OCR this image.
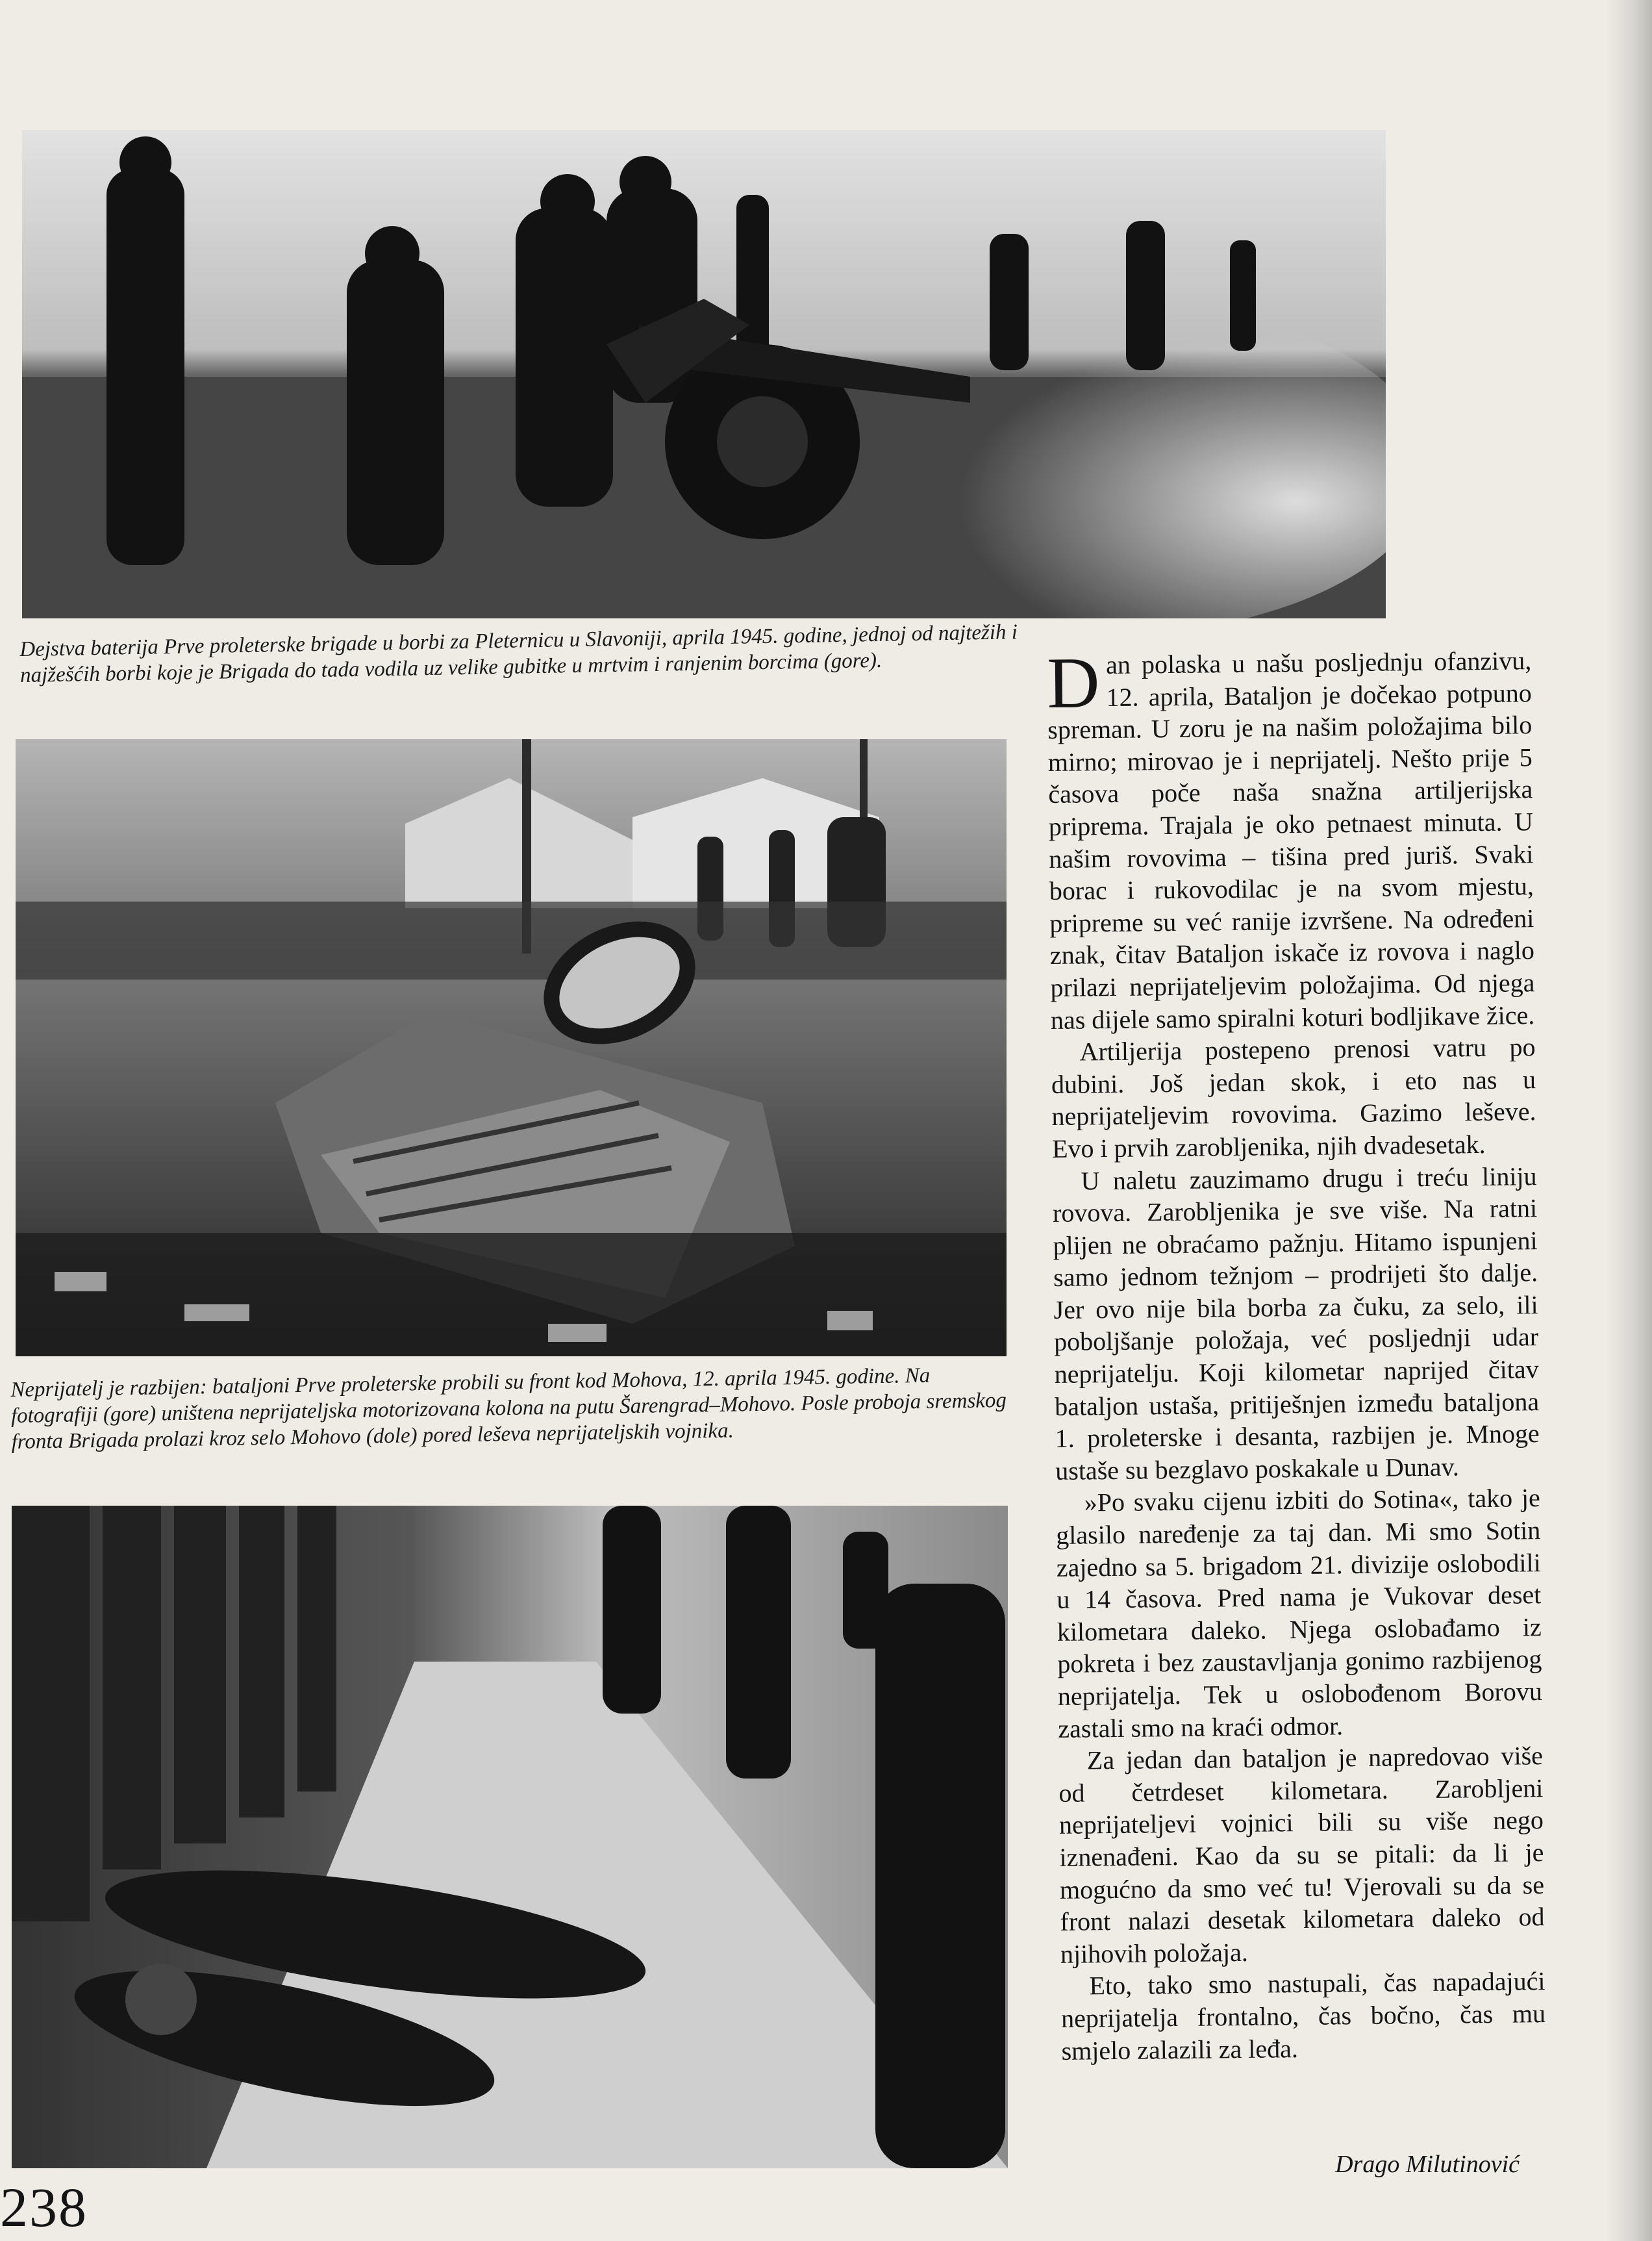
Dejstva baterija Prve proleterske brigade u borbi za Pleternicu u Slavoniji, aprila 1945. godine, jednoj od najtežih i najžešćih borbi koje je Brigada do tada vodila uz velike gubitke u mrtvim i ranjenim borcima (gore).

Neprijatelj je razbijen: bataljoni Prve proleterske probili su front kod Mohova, 12. aprila 1945. godine. Na fotografiji (gore) uništena neprijateljska motorizovana kolona na putu Šarengrad–Mohovo. Posle proboja sremskog fronta Brigada prolazi kroz selo Mohovo (dole) pored leševa neprijateljskih vojnika.

Dan polaska u našu posljednju ofanzivu, 12. aprila, Bataljon je dočekao potpuno spreman. U zoru je na našim položajima bilo mirno; mirovao je i neprijatelj. Nešto prije 5 časova poče naša snažna artiljerijska priprema. Trajala je oko petnaest minuta. U našim rovovima – tišina pred juriš. Svaki borac i rukovodilac je na svom mjestu, pripreme su već ranije izvršene. Na određeni znak, čitav Bataljon iskače iz rovova i naglo prilazi neprijateljevim položajima. Od njega nas dijele samo spiralni koturi bodljikave žice.

Artiljerija postepeno prenosi vatru po dubini. Još jedan skok, i eto nas u neprijateljevim rovovima. Gazimo leševe. Evo i prvih zarobljenika, njih dvadesetak.

U naletu zauzimamo drugu i treću liniju rovova. Zarobljenika je sve više. Na ratni plijen ne obraćamo pažnju. Hitamo ispunjeni samo jednom težnjom – prodrijeti što dalje. Jer ovo nije bila borba za čuku, za selo, ili poboljšanje položaja, već posljednji udar neprijatelju. Koji kilometar naprijed čitav bataljon ustaša, pritiješnjen između bataljona 1. proleterske i desanta, razbijen je. Mnoge ustaše su bezglavo poskakale u Dunav.

»Po svaku cijenu izbiti do Sotina«, tako je glasilo naređenje za taj dan. Mi smo Sotin zajedno sa 5. brigadom 21. divizije oslobodili u 14 časova. Pred nama je Vukovar deset kilometara daleko. Njega oslobađamo iz pokreta i bez zaustavljanja gonimo razbijenog neprijatelja. Tek u oslobođenom Borovu zastali smo na kraći odmor.

Za jedan dan bataljon je napredovao više od četrdeset kilometara. Zarobljeni neprijateljevi vojnici bili su više nego iznenađeni. Kao da su se pitali: da li je mogućno da smo već tu! Vjerovali su da se front nalazi desetak kilometara daleko od njihovih položaja.

Eto, tako smo nastupali, čas napadajući neprijatelja frontalno, čas bočno, čas mu smjelo zalazili za leđa.

Drago Milutinović
238
